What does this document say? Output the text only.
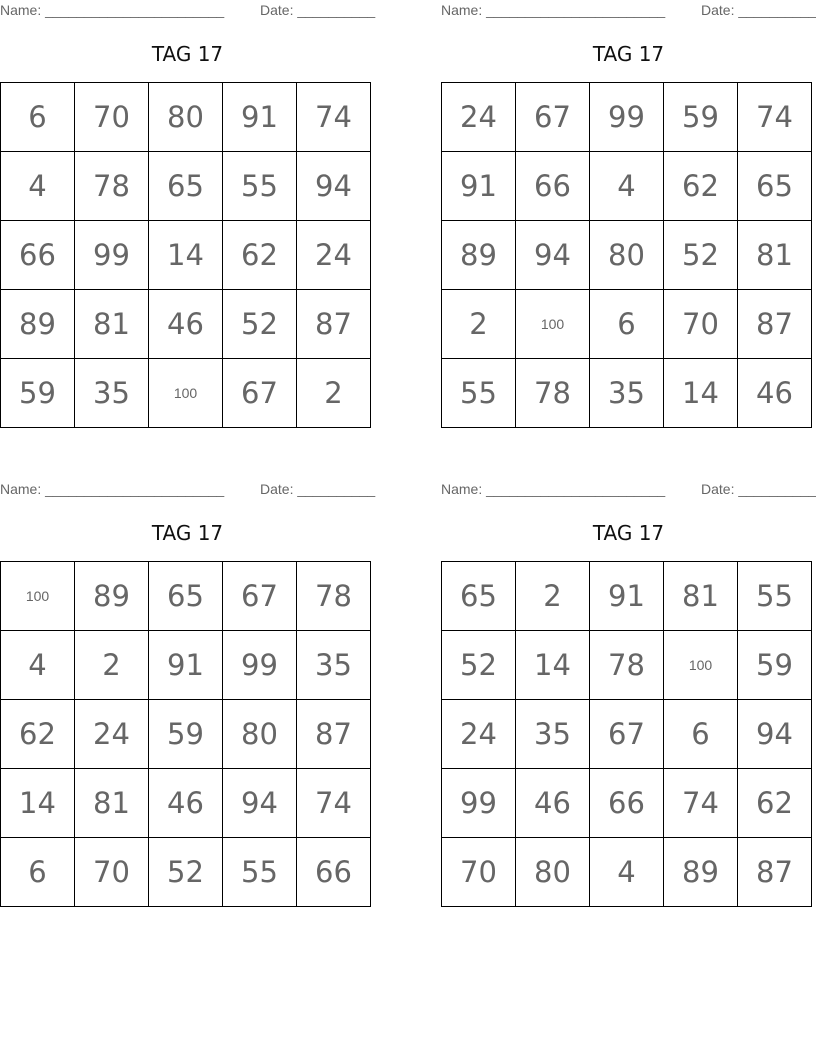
Name: _______________________	Date: __________
TAG 17
6	70	80	91	74
4	78	65	55	94
66	99	14	62	24
89	81	46	52	87
59	35	100	67	2
Name: _______________________	Date: __________
TAG 17
24	67	99	59	74
91	66	4	62	65
89	94	80	52	81
2	100	6	70	87
55	78	35	14	46
Name: _______________________	Date: __________
TAG 17
100	89	65	67	78
4	2	91	99	35
62	24	59	80	87
14	81	46	94	74
6	70	52	55	66
Name: _______________________	Date: __________
TAG 17
65	2	91	81	55
52	14	78	100	59
24	35	67	6	94
99	46	66	74	62
70	80	4	89	87
